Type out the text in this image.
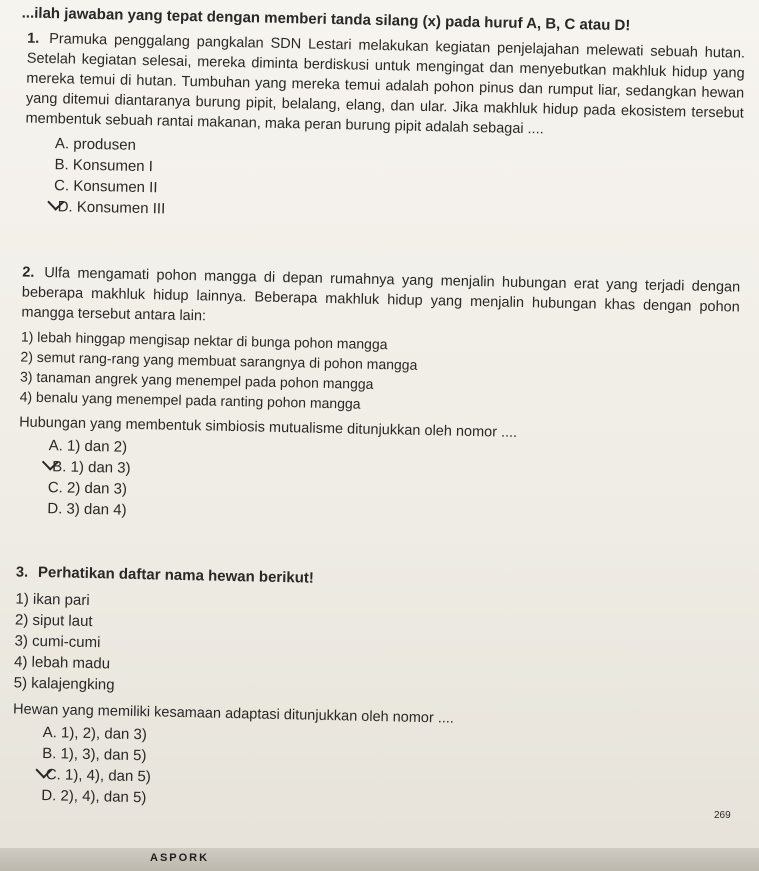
...ilah jawaban yang tepat dengan memberi tanda silang (x) pada huruf A, B, C atau D!

1. Pramuka penggalang pangkalan SDN Lestari melakukan kegiatan penjelajahan melewati sebuah hutan. Setelah kegiatan selesai, mereka diminta berdiskusi untuk mengingat dan menyebutkan makhluk hidup yang mereka temui di hutan. Tumbuhan yang mereka temui adalah pohon pinus dan rumput liar, sedangkan hewan yang ditemui diantaranya burung pipit, belalang, elang, dan ular. Jika makhluk hidup pada ekosistem tersebut membentuk sebuah rantai makanan, maka peran burung pipit adalah sebagai ....

A. produsen
B. Konsumen I
C. Konsumen II
D. Konsumen III

2. Ulfa mengamati pohon mangga di depan rumahnya yang menjalin hubungan erat yang terjadi dengan beberapa makhluk hidup lainnya. Beberapa makhluk hidup yang menjalin hubungan khas dengan pohon mangga tersebut antara lain:

1) lebah hinggap mengisap nektar di bunga pohon mangga
2) semut rang-rang yang membuat sarangnya di pohon mangga
3) tanaman angrek yang menempel pada pohon mangga
4) benalu yang menempel pada ranting pohon mangga

Hubungan yang membentuk simbiosis mutualisme ditunjukkan oleh nomor ....

A. 1) dan 2)
B. 1) dan 3)
C. 2) dan 3)
D. 3) dan 4)

3. Perhatikan daftar nama hewan berikut!

1) ikan pari
2) siput laut
3) cumi-cumi
4) lebah madu
5) kalajengking

Hewan yang memiliki kesamaan adaptasi ditunjukkan oleh nomor ....

A. 1), 2), dan 3)
B. 1), 3), dan 5)
C. 1), 4), dan 5)
D. 2), 4), dan 5)
269
ASPORK
